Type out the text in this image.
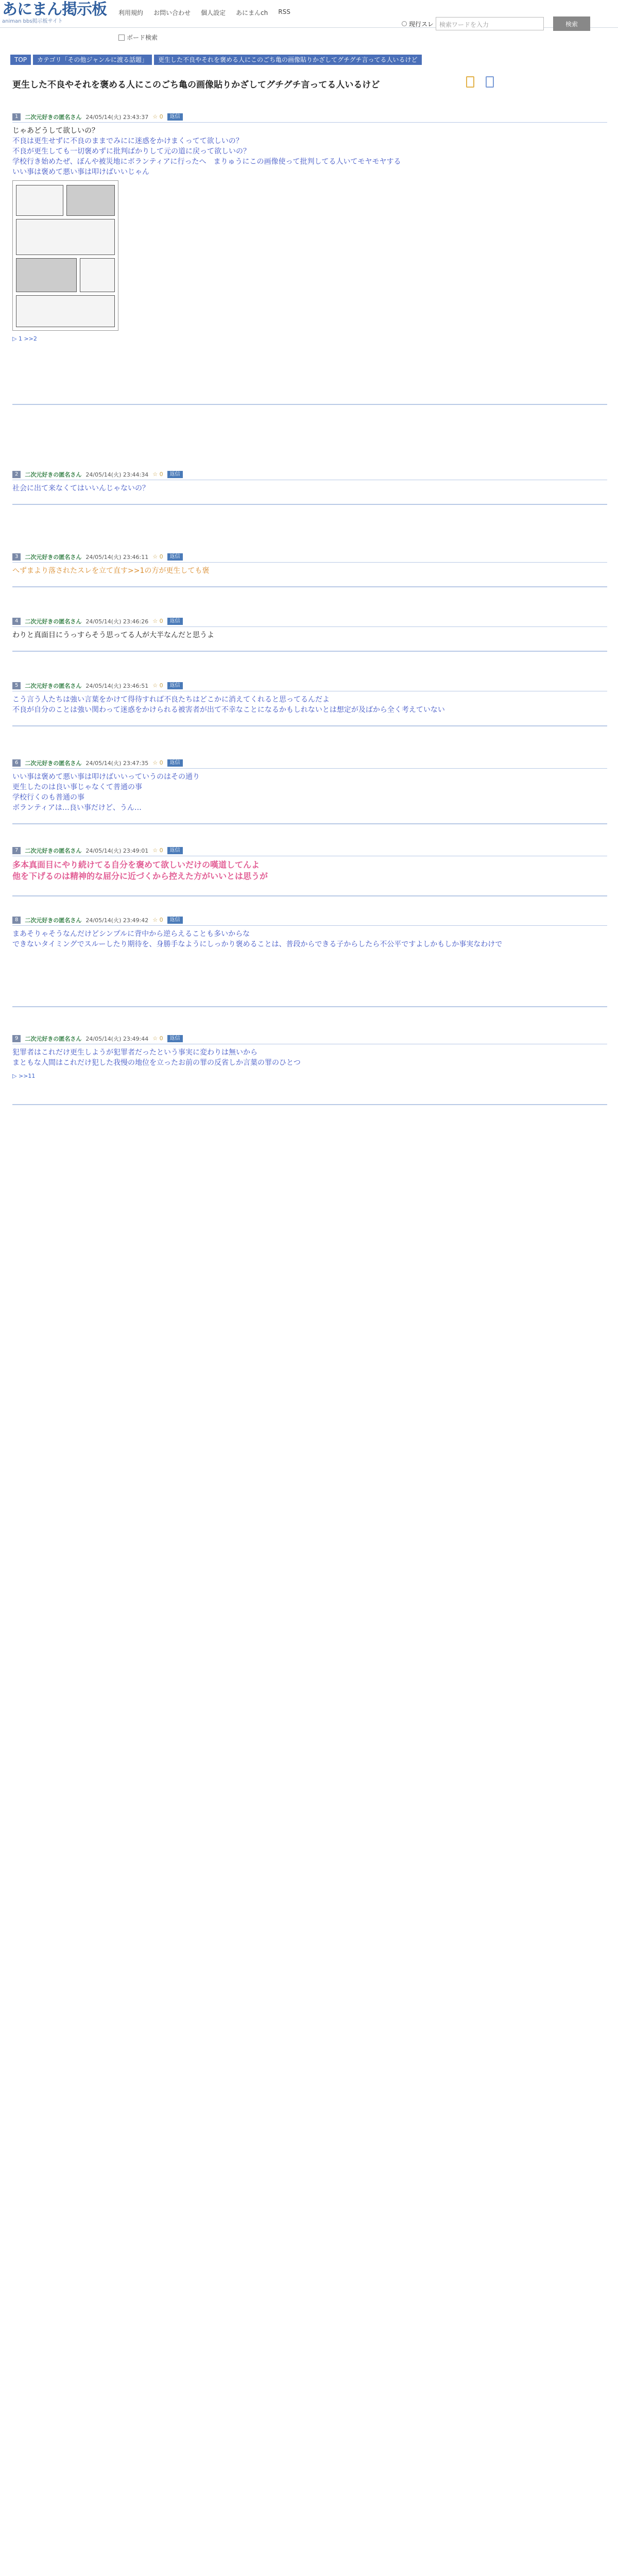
あにまん掲示板
animan bbs掲示板サイト
利用規約 お問い合わせ 個人設定 あにまんch RSS
现行スレ 検索ワードを入力	検索
ボード検索
TOP	カテゴリ「その他ジャンルに渡る話題」	更生した不良やそれを褒める人にこのごち亀の画像貼りかざしてグチグチ言ってる人いるけど
更生した不良やそれを褒める人にこのごち亀の画像貼りかざしてグチグチ言ってる人いるけど
1	二次元好きの匿名さん 24/05/14(火) 23:43:37 ☆ 0	返信
じゃあどうして欲しいの？
不良は更生せずに不良のままでみにに迷惑をかけまくってて欲しいの？
不良が更生しても一切褒めずに批判ばかりして元の道に戻って欲しいの？
学校行き始めたぜ、ぼんや被災地にボランティアに行ったへ　まりゅうにこの画像使って批判してる人いてモヤモヤする
いい事は褒めて悪い事は叩けばいいじゃん
▷ 1 >>2
2	二次元好きの匿名さん 24/05/14(火) 23:44:34 ☆ 0	返信
社会に出て来なくてはいいんじゃないの？
3	二次元好きの匿名さん 24/05/14(火) 23:46:11 ☆ 0	返信
へずまより落されたスレを立て直す>>1の方が更生しても褒
4	二次元好きの匿名さん 24/05/14(火) 23:46:26 ☆ 0	返信
わりと真面目にうっすらそう思ってる人が大半なんだと思うよ
5	二次元好きの匿名さん 24/05/14(火) 23:46:51 ☆ 0	返信
こう言う人たちは強い言葉をかけて得待すれば不良たちはどこかに消えてくれると思ってるんだよ
不良が自分のことは強い関わって迷惑をかけられる被害者が出て不幸なことになるかもしれないとは想定が及ばから全く考えていない
6	二次元好きの匿名さん 24/05/14(火) 23:47:35 ☆ 0	返信
いい事は褒めて悪い事は叩けばいいっていうのはその通り
更生したのは良い事じゃなくて普通の事
学校行くのも普通の事
ボランティアは…良い事だけど、うん…
7	二次元好きの匿名さん 24/05/14(火) 23:49:01 ☆ 0	返信
多本真面目にやり続けてる自分を褒めて欲しいだけの嘆道してんよ
他を下げるのは精神的な屈分に近づくから控えた方がいいとは思うが
8	二次元好きの匿名さん 24/05/14(火) 23:49:42 ☆ 0	返信
まあそりゃそうなんだけどシンプルに背中から逆らえることも多いからな
できないタイミングでスルーしたり期待を、身勝手なようにしっかり褒めることは、普段からできる子からしたら不公平ですよしかもしか事実なわけで
9	二次元好きの匿名さん 24/05/14(火) 23:49:44 ☆ 0	返信
犯罪者はこれだけ更生しようが犯罪者だったという事実に変わりは無いから
まともな人間はこれだけ犯した我慢の地位を立ったお前の罪の反省しか言葉の罪のひとつ
▷ >>11
